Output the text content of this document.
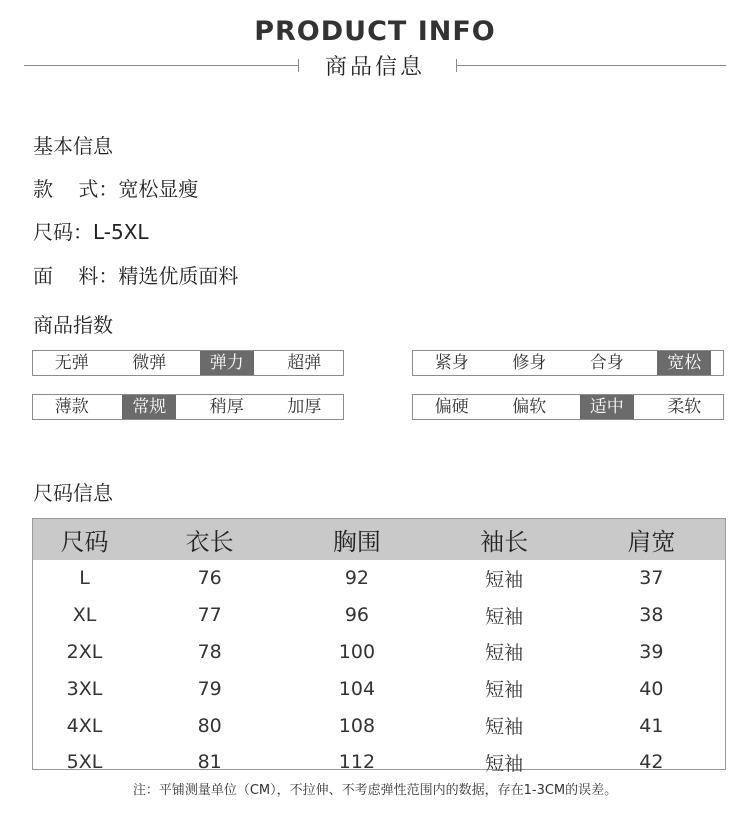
PRODUCT INFO
商品信息
基本信息
款    式：宽松显瘦
尺码：L-5XL
面    料：精选优质面料
商品指数
无弹	微弹	弹力	超弹	紧身	修身	合身	宽松
薄款	常规	稍厚	加厚	偏硬	偏软	适中	柔软
尺码信息
尺码	衣长	胸围	袖长	肩宽
L	76	92	短袖	37
XL	77	96	短袖	38
2XL	78	100	短袖	39
3XL	79	104	短袖	40
4XL	80	108	短袖	41
5XL	81	112	短袖	42
注：平铺测量单位（CM），不拉伸、不考虑弹性范围内的数据，存在1-3CM的误差。
